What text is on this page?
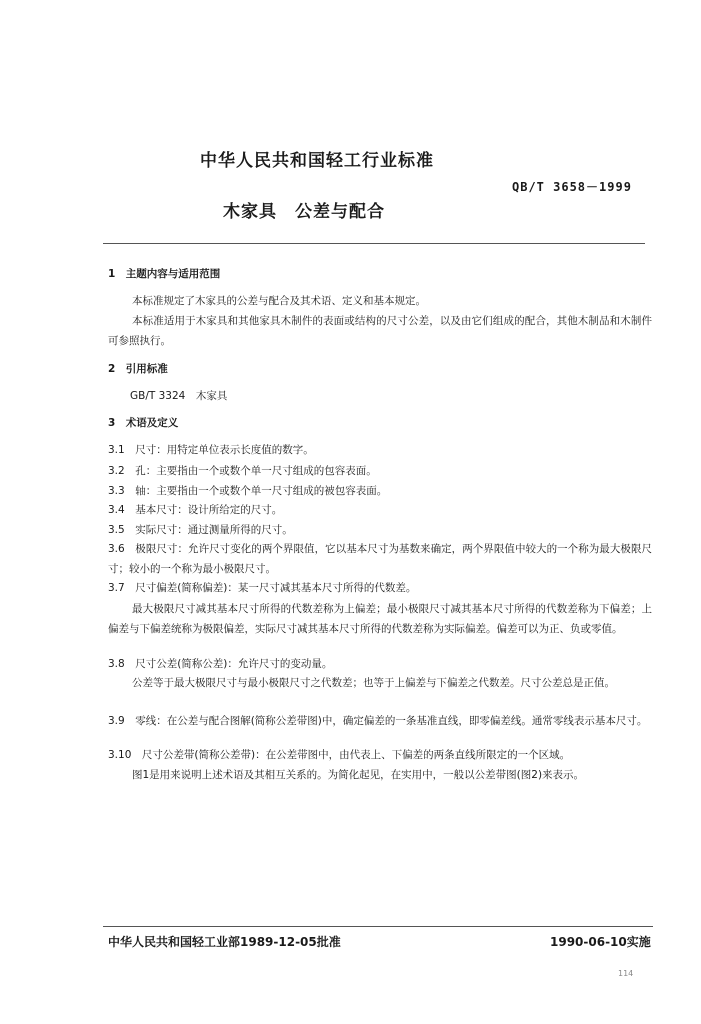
中华人民共和国轻工行业标准
QB/T 3658－1999
木家具　公差与配合
1　主题内容与适用范围
本标准规定了木家具的公差与配合及其术语、定义和基本规定。
本标准适用于木家具和其他家具木制件的表面或结构的尺寸公差，以及由它们组成的配合，其他木制品和木制件可参照执行。
2　引用标准
GB/T 3324　木家具
3　术语及定义
3.1　尺寸：用特定单位表示长度值的数字。
3.2　孔：主要指由一个或数个单一尺寸组成的包容表面。
3.3　轴：主要指由一个或数个单一尺寸组成的被包容表面。
3.4　基本尺寸：设计所给定的尺寸。
3.5　实际尺寸：通过测量所得的尺寸。
3.6　极限尺寸：允许尺寸变化的两个界限值，它以基本尺寸为基数来确定，两个界限值中较大的一个称为最大极限尺寸；较小的一个称为最小极限尺寸。
3.7　尺寸偏差(简称偏差)：某一尺寸减其基本尺寸所得的代数差。
最大极限尺寸减其基本尺寸所得的代数差称为上偏差；最小极限尺寸减其基本尺寸所得的代数差称为下偏差；上偏差与下偏差统称为极限偏差，实际尺寸减其基本尺寸所得的代数差称为实际偏差。偏差可以为正、负或零值。
3.8　尺寸公差(简称公差)：允许尺寸的变动量。
公差等于最大极限尺寸与最小极限尺寸之代数差；也等于上偏差与下偏差之代数差。尺寸公差总是正值。
3.9　零线：在公差与配合图解(简称公差带图)中，确定偏差的一条基准直线，即零偏差线。通常零线表示基本尺寸。
3.10　尺寸公差带(简称公差带)：在公差带图中，由代表上、下偏差的两条直线所限定的一个区域。
图1是用来说明上述术语及其相互关系的。为简化起见，在实用中，一般以公差带图(图2)来表示。
中华人民共和国轻工业部1989-12-05批准	1990-06-10实施
114
